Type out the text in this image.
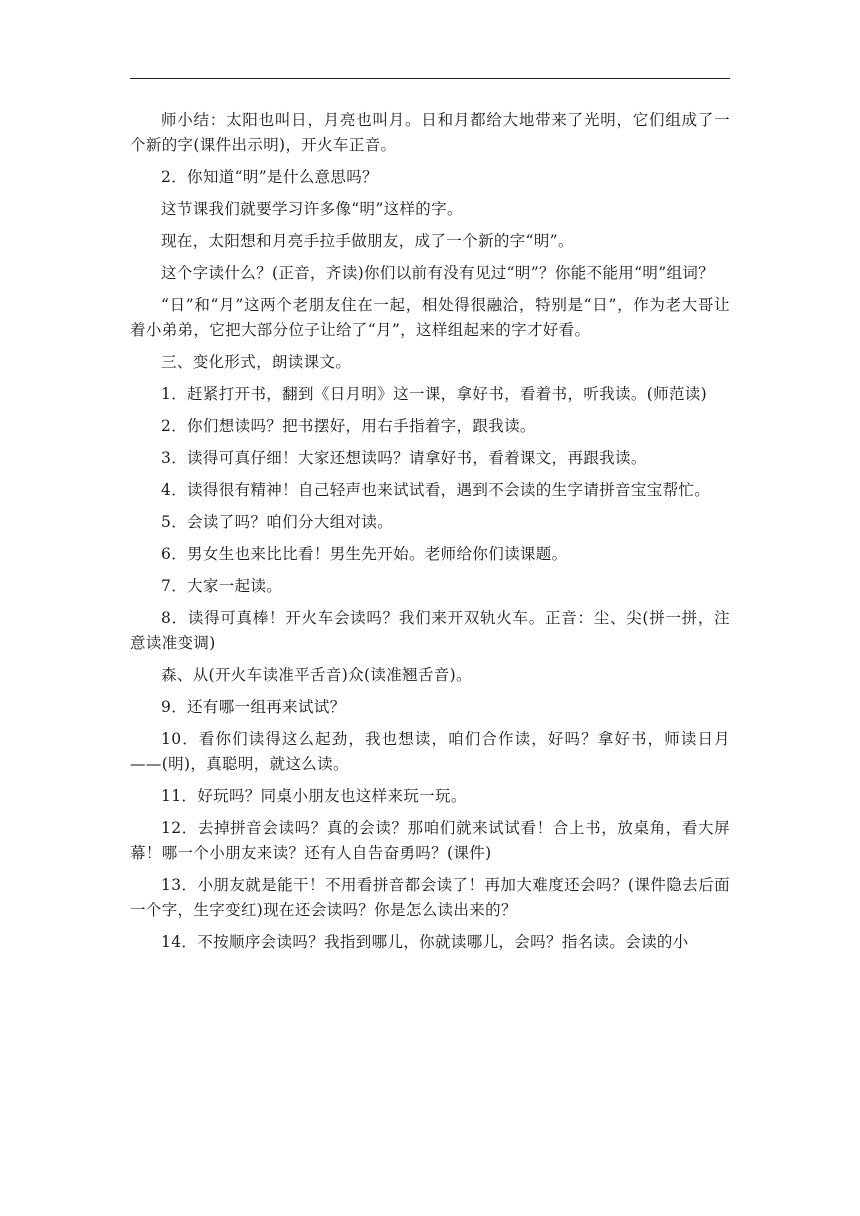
师小结：太阳也叫日，月亮也叫月。日和月都给大地带来了光明，它们组成了一个新的字(课件出示明)，开火车正音。

2．你知道“明”是什么意思吗？

这节课我们就要学习许多像“明”这样的字。

现在，太阳想和月亮手拉手做朋友，成了一个新的字“明”。

这个字读什么？(正音，齐读)你们以前有没有见过“明”？你能不能用“明”组词？

“日”和“月”这两个老朋友住在一起，相处得很融洽，特别是“日”，作为老大哥让着小弟弟，它把大部分位子让给了“月”，这样组起来的字才好看。

三、变化形式，朗读课文。

1．赶紧打开书，翻到《日月明》这一课，拿好书，看着书，听我读。(师范读)

2．你们想读吗？把书摆好，用右手指着字，跟我读。

3．读得可真仔细！大家还想读吗？请拿好书，看着课文，再跟我读。

4．读得很有精神！自己轻声也来试试看，遇到不会读的生字请拼音宝宝帮忙。

5．会读了吗？咱们分大组对读。

6．男女生也来比比看！男生先开始。老师给你们读课题。

7．大家一起读。

8．读得可真棒！开火车会读吗？我们来开双轨火车。正音：尘、尖(拼一拼，注意读准变调)

森、从(开火车读准平舌音)众(读准翘舌音)。

9．还有哪一组再来试试？

10．看你们读得这么起劲，我也想读，咱们合作读，好吗？拿好书，师读日月——(明)，真聪明，就这么读。

11．好玩吗？同桌小朋友也这样来玩一玩。

12．去掉拼音会读吗？真的会读？那咱们就来试试看！合上书，放桌角，看大屏幕！哪一个小朋友来读？还有人自告奋勇吗？(课件)

13．小朋友就是能干！不用看拼音都会读了！再加大难度还会吗？(课件隐去后面一个字，生字变红)现在还会读吗？你是怎么读出来的？

14．不按顺序会读吗？我指到哪儿，你就读哪儿，会吗？指名读。会读的小
